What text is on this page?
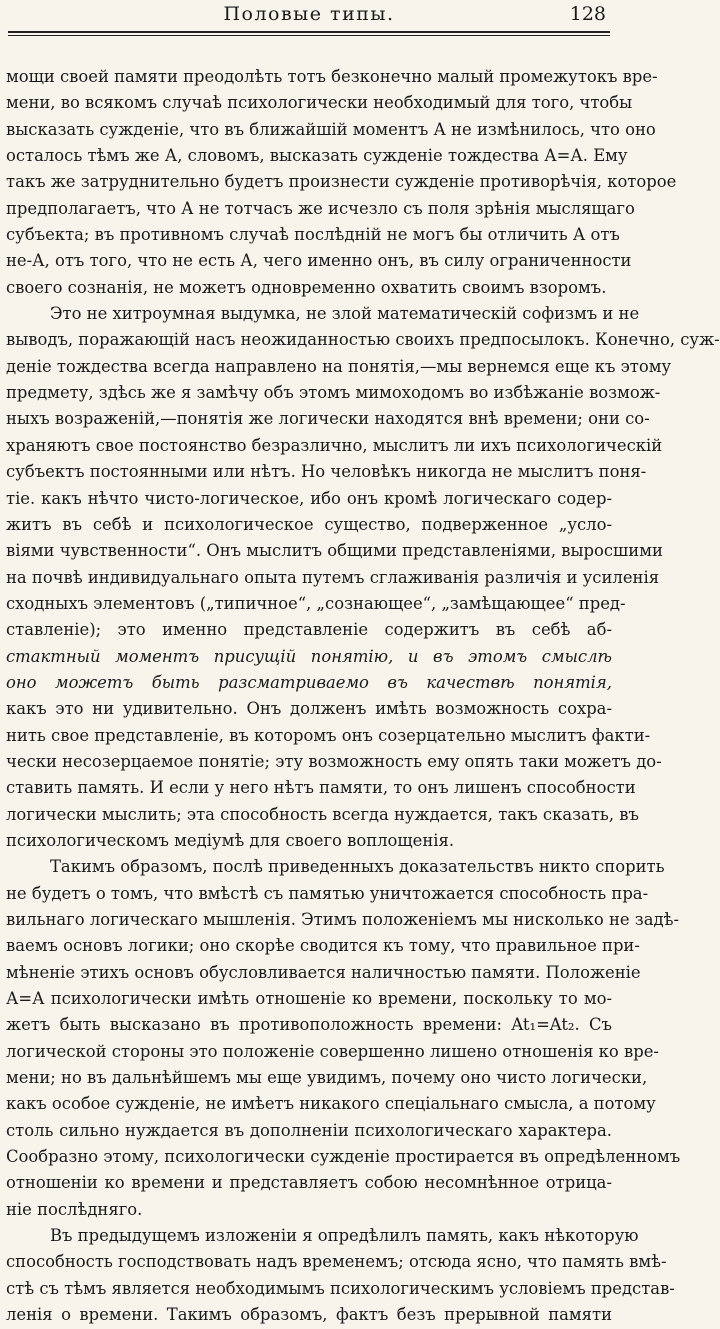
Половые типы.	128
мощи своей памяти преодолѣть тотъ безконечно малый промежутокъ вре-
мени, во всякомъ случаѣ психологически необходимый для того, чтобы
высказать сужденіе, что въ ближайшій моментъ А не измѣнилось, что оно
осталось тѣмъ же А, словомъ, высказать сужденіе тождества А=А. Ему
такъ же затруднительно будетъ произнести сужденіе противорѣчія, которое
предполагаетъ, что А не тотчасъ же исчезло съ поля зрѣнія мыслящаго
субъекта; въ противномъ случаѣ послѣдній не могъ бы отличить А отъ
не-А, отъ того, что не есть А, чего именно онъ, въ силу ограниченности
своего сознанія, не можетъ одновременно охватить своимъ взоромъ.
Это не хитроумная выдумка, не злой математическій софизмъ и не
выводъ, поражающій насъ неожиданностью своихъ предпосылокъ. Конечно, суж-
деніе тождества всегда направлено на понятія,—мы вернемся еще къ этому
предмету, здѣсь же я замѣчу объ этомъ мимоходомъ во избѣжаніе возмож-
ныхъ возраженій,—понятія же логически находятся внѣ времени; они со-
храняютъ свое постоянство безразлично, мыслитъ ли ихъ психологическій
субъектъ постоянными или нѣтъ. Но человѣкъ никогда не мыслитъ поня-
тіе. какъ нѣчто чисто-логическое, ибо онъ кромѣ логическаго содер-
житъ въ себѣ и психологическое существо, подверженное „усло-
віями чувственности“. Онъ мыслитъ общими представленіями, выросшими
на почвѣ индивидуальнаго опыта путемъ сглаживанія различія и усиленія
сходныхъ элементовъ („типичное“, „сознающее“, „замѣщающее“ пред-
ставленіе); это именно представленіе содержитъ въ себѣ аб-
стактный моментъ присущій понятію, и въ этомъ смыслѣ
оно можетъ быть разсматриваемо въ качествѣ понятія,
какъ это ни удивительно. Онъ долженъ имѣть возможность сохра-
нить свое представленіе, въ которомъ онъ созерцательно мыслитъ факти-
чески несозерцаемое понятіе; эту возможность ему опять таки можетъ до-
ставить память. И если у него нѣтъ памяти, то онъ лишенъ способности
логически мыслить; эта способность всегда нуждается, такъ сказать, въ
психологическомъ медіумѣ для своего воплощенія.
Такимъ образомъ, послѣ приведенныхъ доказательствъ никто спорить
не будетъ о томъ, что вмѣстѣ съ памятью уничтожается способность пра-
вильнаго логическаго мышленія. Этимъ положеніемъ мы нисколько не задѣ-
ваемъ основъ логики; оно скорѣе сводится къ тому, что правильное при-
мѣненіе этихъ основъ обусловливается наличностью памяти. Положеніе
А=А психологически имѣть отношеніе ко времени, поскольку то мо-
жетъ быть высказано въ противоположность времени: At₁=At₂. Съ
логической стороны это положеніе совершенно лишено отношенія ко вре-
мени; но въ дальнѣйшемъ мы еще увидимъ, почему оно чисто логически,
какъ особое сужденіе, не имѣетъ никакого спеціальнаго смысла, а потому
столь сильно нуждается въ дополненіи психологическаго характера.
Сообразно этому, психологически сужденіе простирается въ опредѣленномъ
отношеніи ко времени и представляетъ собою несомнѣнное отрица-
ніе послѣдняго.
Въ предыдущемъ изложеніи я опредѣлилъ память, какъ нѣкоторую
способность господствовать надъ временемъ; отсюда ясно, что память вмѣ-
стѣ съ тѣмъ является необходимымъ психологическимъ условіемъ представ-
ленія о времени. Такимъ образомъ, фактъ безъ прерывной памяти
